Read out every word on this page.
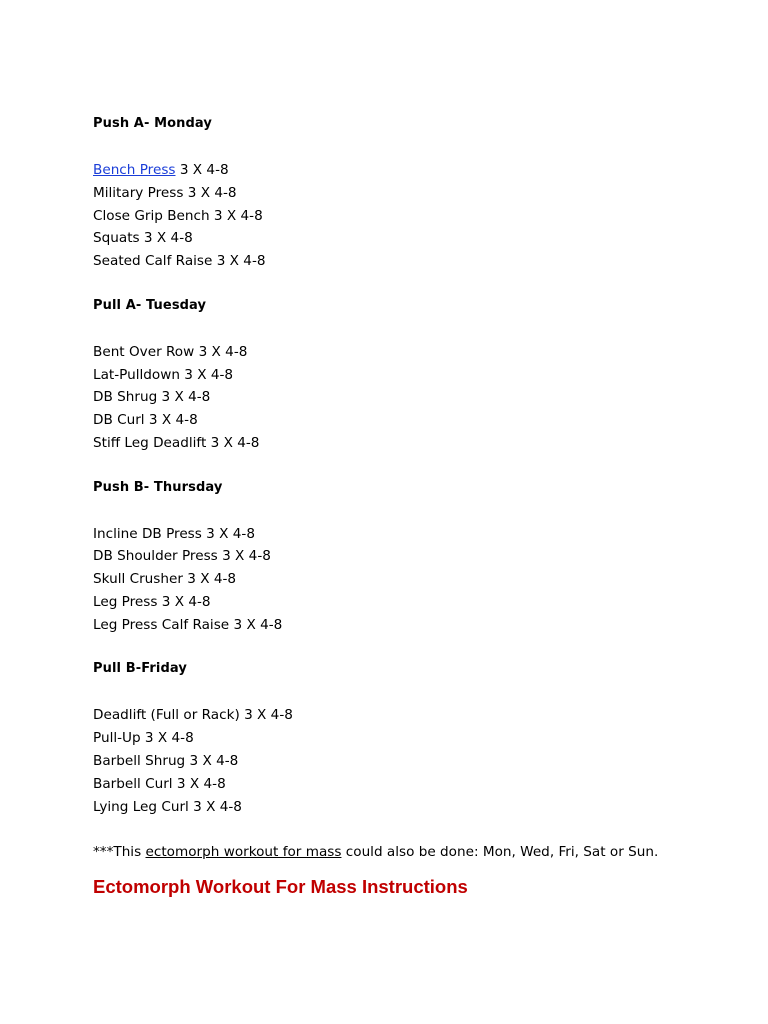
Push A- Monday
Bench Press 3 X 4-8
Military Press 3 X 4-8
Close Grip Bench 3 X 4-8
Squats 3 X 4-8
Seated Calf Raise 3 X 4-8
Pull A- Tuesday
Bent Over Row 3 X 4-8
Lat-Pulldown 3 X 4-8
DB Shrug 3 X 4-8
DB Curl 3 X 4-8
Stiff Leg Deadlift 3 X 4-8
Push B- Thursday
Incline DB Press 3 X 4-8
DB Shoulder Press 3 X 4-8
Skull Crusher 3 X 4-8
Leg Press 3 X 4-8
Leg Press Calf Raise 3 X 4-8
Pull B-Friday
Deadlift (Full or Rack) 3 X 4-8
Pull-Up 3 X 4-8
Barbell Shrug 3 X 4-8
Barbell Curl 3 X 4-8
Lying Leg Curl 3 X 4-8
***This ectomorph workout for mass could also be done: Mon, Wed, Fri, Sat or Sun.
Ectomorph Workout For Mass Instructions
